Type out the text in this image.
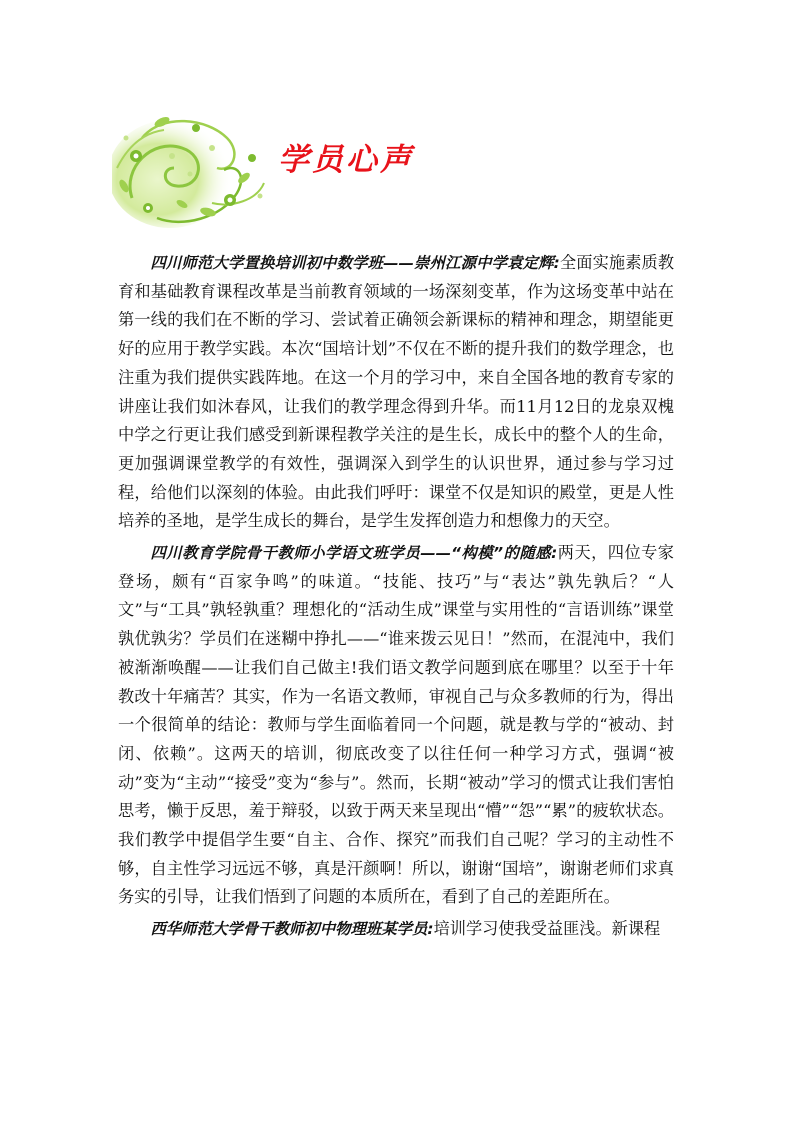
学员心声

四川师范大学置换培训初中数学班——崇州江源中学袁定辉:全面实施素质教育和基础教育课程改革是当前教育领域的一场深刻变革，作为这场变革中站在第一线的我们在不断的学习、尝试着正确领会新课标的精神和理念，期望能更好的应用于教学实践。本次“国培计划”不仅在不断的提升我们的数学理念，也注重为我们提供实践阵地。在这一个月的学习中，来自全国各地的教育专家的讲座让我们如沐春风，让我们的教学理念得到升华。而11月12日的龙泉双槐中学之行更让我们感受到新课程教学关注的是生长，成长中的整个人的生命，更加强调课堂教学的有效性，强调深入到学生的认识世界，通过参与学习过程，给他们以深刻的体验。由此我们呼吁：课堂不仅是知识的殿堂，更是人性培养的圣地，是学生成长的舞台，是学生发挥创造力和想像力的天空。

四川教育学院骨干教师小学语文班学员——“构模”的随感:两天，四位专家登场，颇有“百家争鸣”的味道。“技能、技巧”与“表达”孰先孰后？“人文”与“工具”孰轻孰重？理想化的“活动生成”课堂与实用性的“言语训练”课堂孰优孰劣？学员们在迷糊中挣扎——“谁来拨云见日！”然而，在混沌中，我们被渐渐唤醒——让我们自己做主!我们语文教学问题到底在哪里？以至于十年教改十年痛苦？其实，作为一名语文教师，审视自己与众多教师的行为，得出一个很简单的结论：教师与学生面临着同一个问题，就是教与学的“被动、封闭、依赖”。这两天的培训，彻底改变了以往任何一种学习方式，强调“被动”变为“主动”“接受”变为“参与”。然而，长期“被动”学习的惯式让我们害怕思考，懒于反思，羞于辩驳，以致于两天来呈现出“懵”“怨”“累”的疲软状态。我们教学中提倡学生要“自主、合作、探究”而我们自己呢？学习的主动性不够，自主性学习远远不够，真是汗颜啊！所以，谢谢“国培”，谢谢老师们求真务实的引导，让我们悟到了问题的本质所在，看到了自己的差距所在。

西华师范大学骨干教师初中物理班某学员:培训学习使我受益匪浅。新课程
